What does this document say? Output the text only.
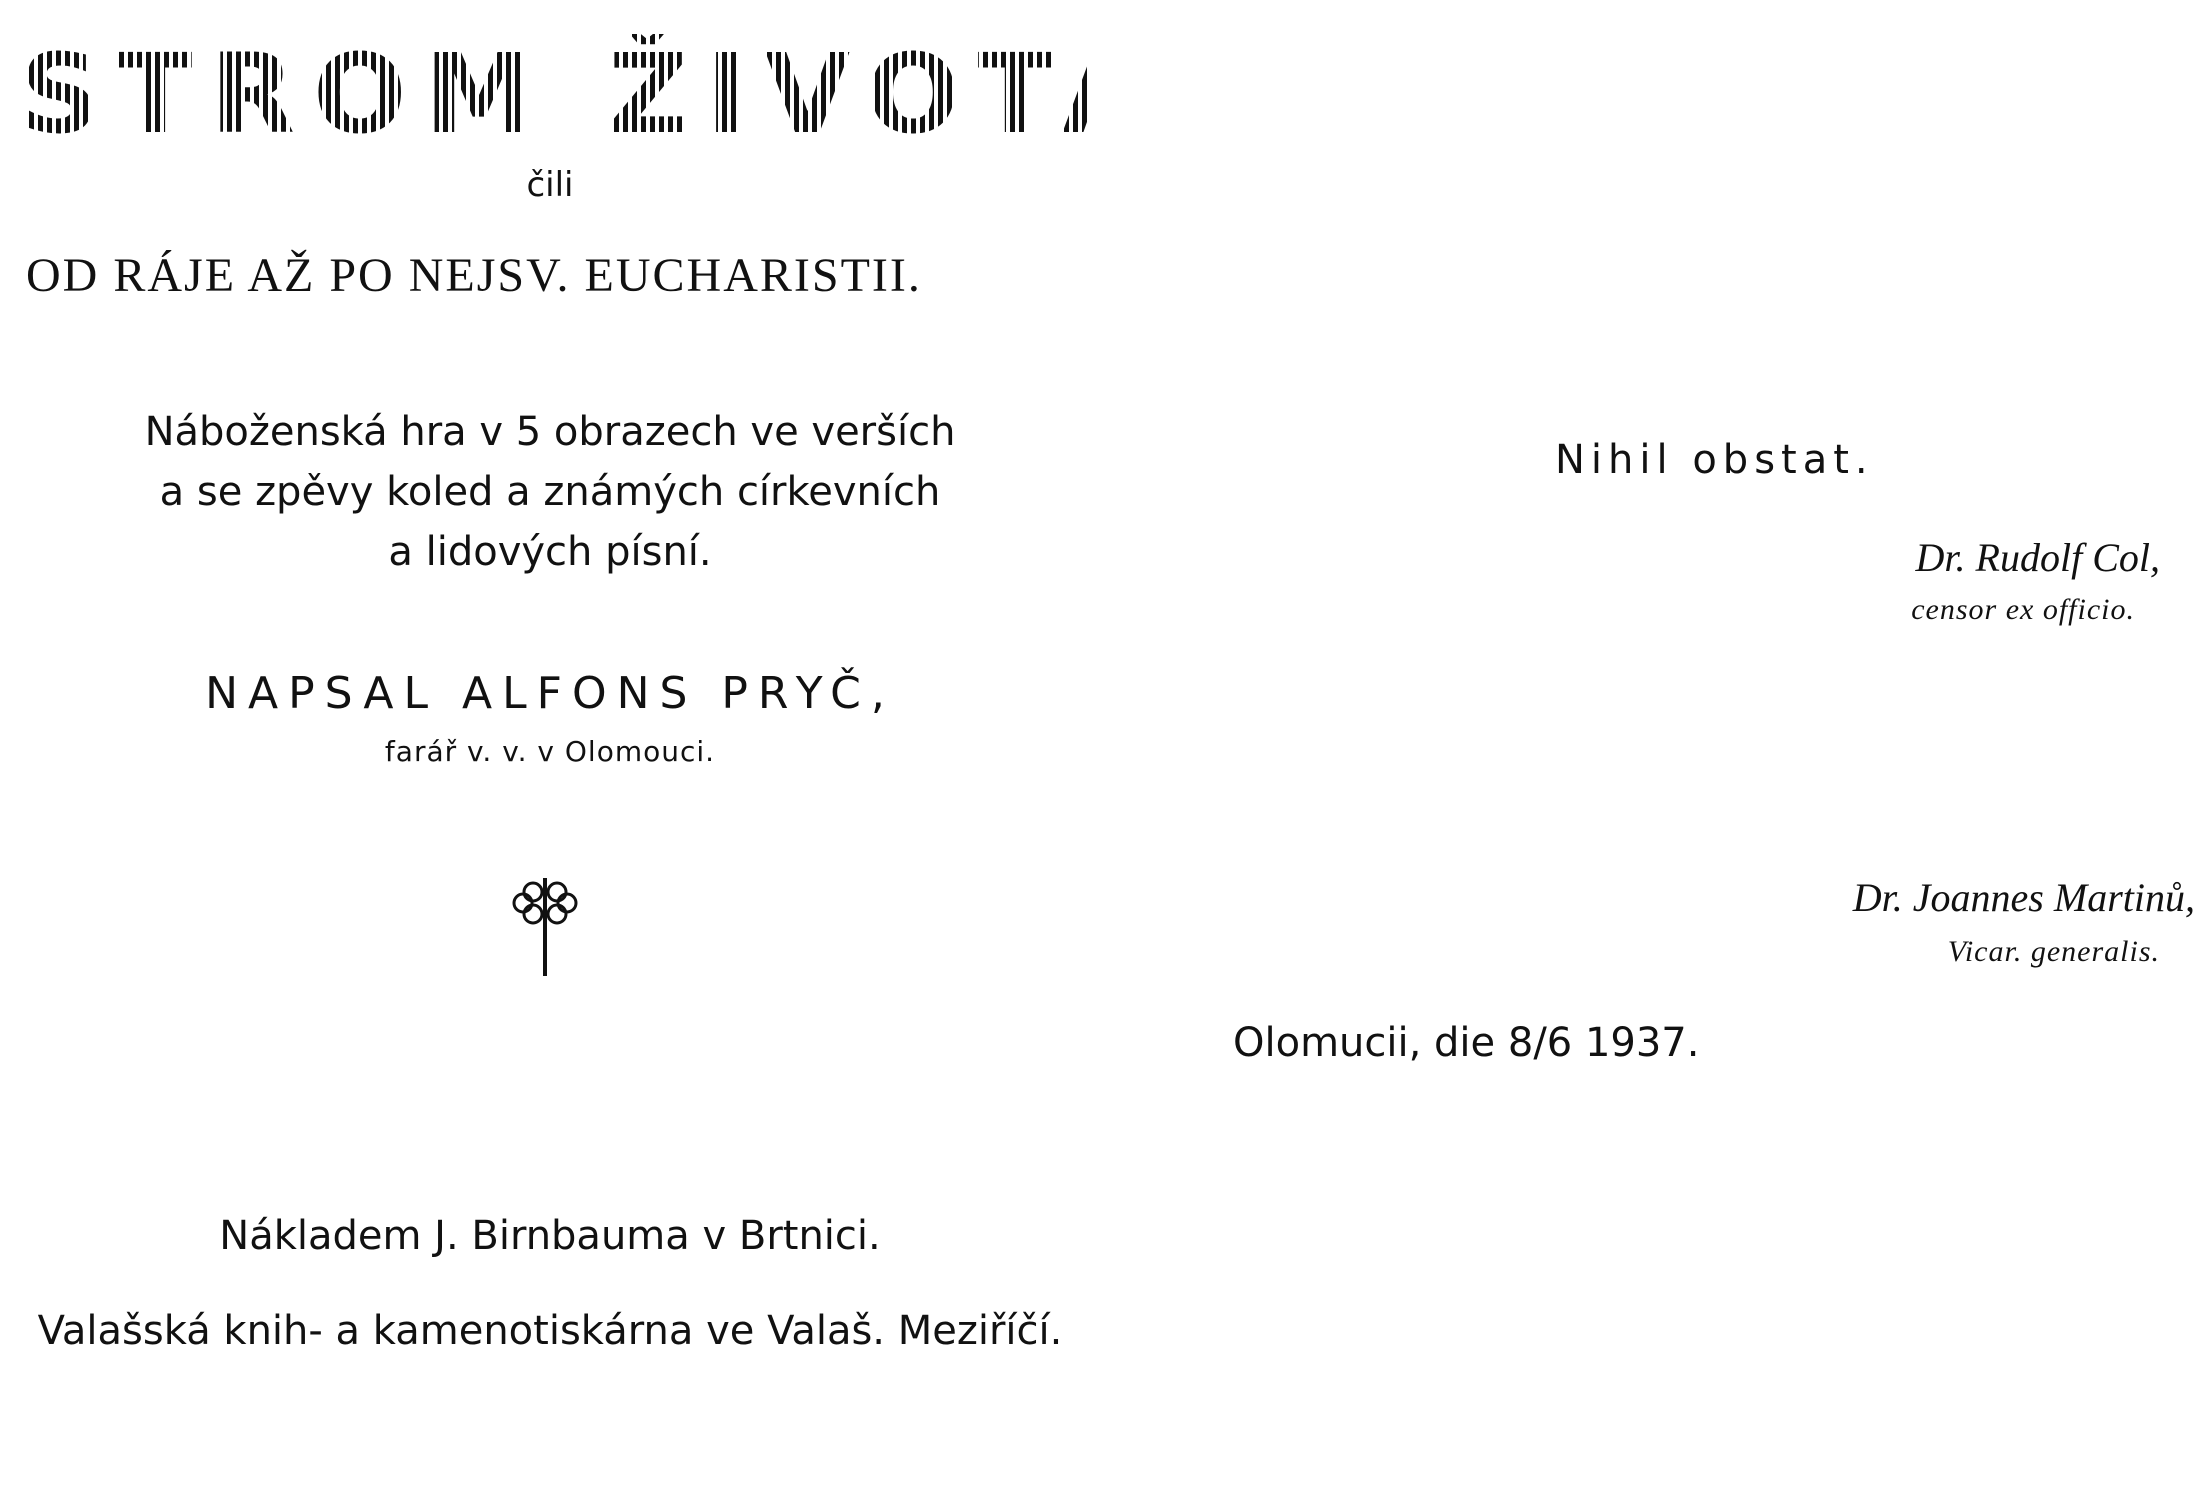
STROM ŽIVOTA
čili
OD RÁJE AŽ PO NEJSV. EUCHARISTII.
Náboženská hra v 5 obrazech ve verších
a se zpěvy koled a známých církevních
a lidových písní.
NAPSAL ALFONS PRYČ,
farář v. v. v Olomouci.
Nákladem J. Birnbauma v Brtnici.
Valašská knih- a kamenotiskárna ve Valaš. Meziříčí.
Nihil obstat.
Dr. Rudolf Col,
censor ex officio.
Dr. Joannes Martinů,
Vicar. generalis.
Olomucii, die 8/6 1937.
